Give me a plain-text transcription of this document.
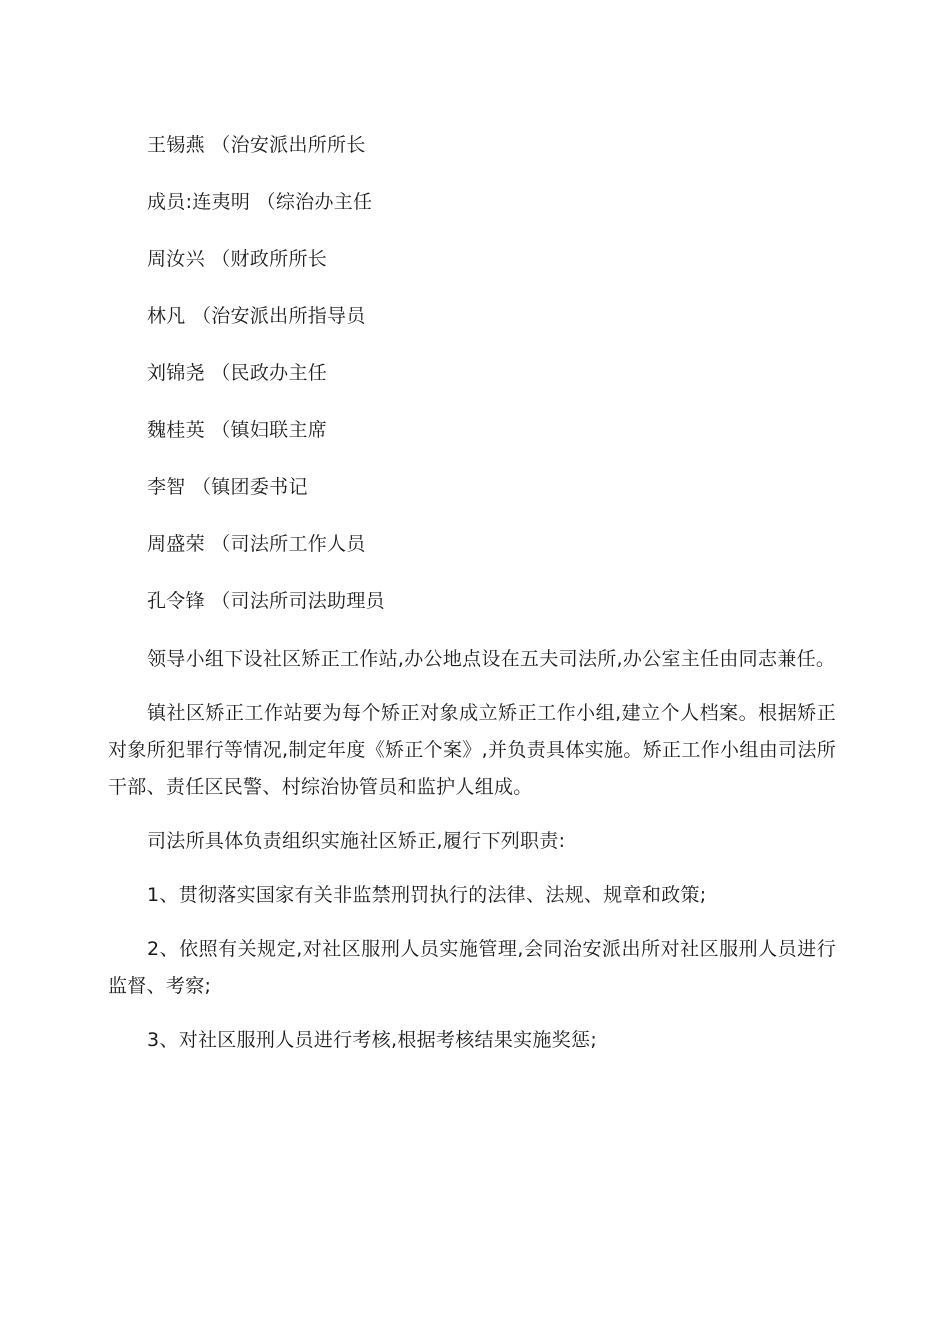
王锡燕 （治安派出所所长

成员:连夷明 （综治办主任

周汝兴 （财政所所长

林凡 （治安派出所指导员

刘锦尧 （民政办主任

魏桂英 （镇妇联主席

李智 （镇团委书记

周盛荣 （司法所工作人员

孔令锋 （司法所司法助理员

领导小组下设社区矫正工作站,办公地点设在五夫司法所,办公室主任由同志兼任。

镇社区矫正工作站要为每个矫正对象成立矫正工作小组,建立个人档案。根据矫正对象所犯罪行等情况,制定年度《矫正个案》,并负责具体实施。矫正工作小组由司法所干部、责任区民警、村综治协管员和监护人组成。

司法所具体负责组织实施社区矫正,履行下列职责:

1、贯彻落实国家有关非监禁刑罚执行的法律、法规、规章和政策;

2、依照有关规定,对社区服刑人员实施管理,会同治安派出所对社区服刑人员进行监督、考察;

3、对社区服刑人员进行考核,根据考核结果实施奖惩;
